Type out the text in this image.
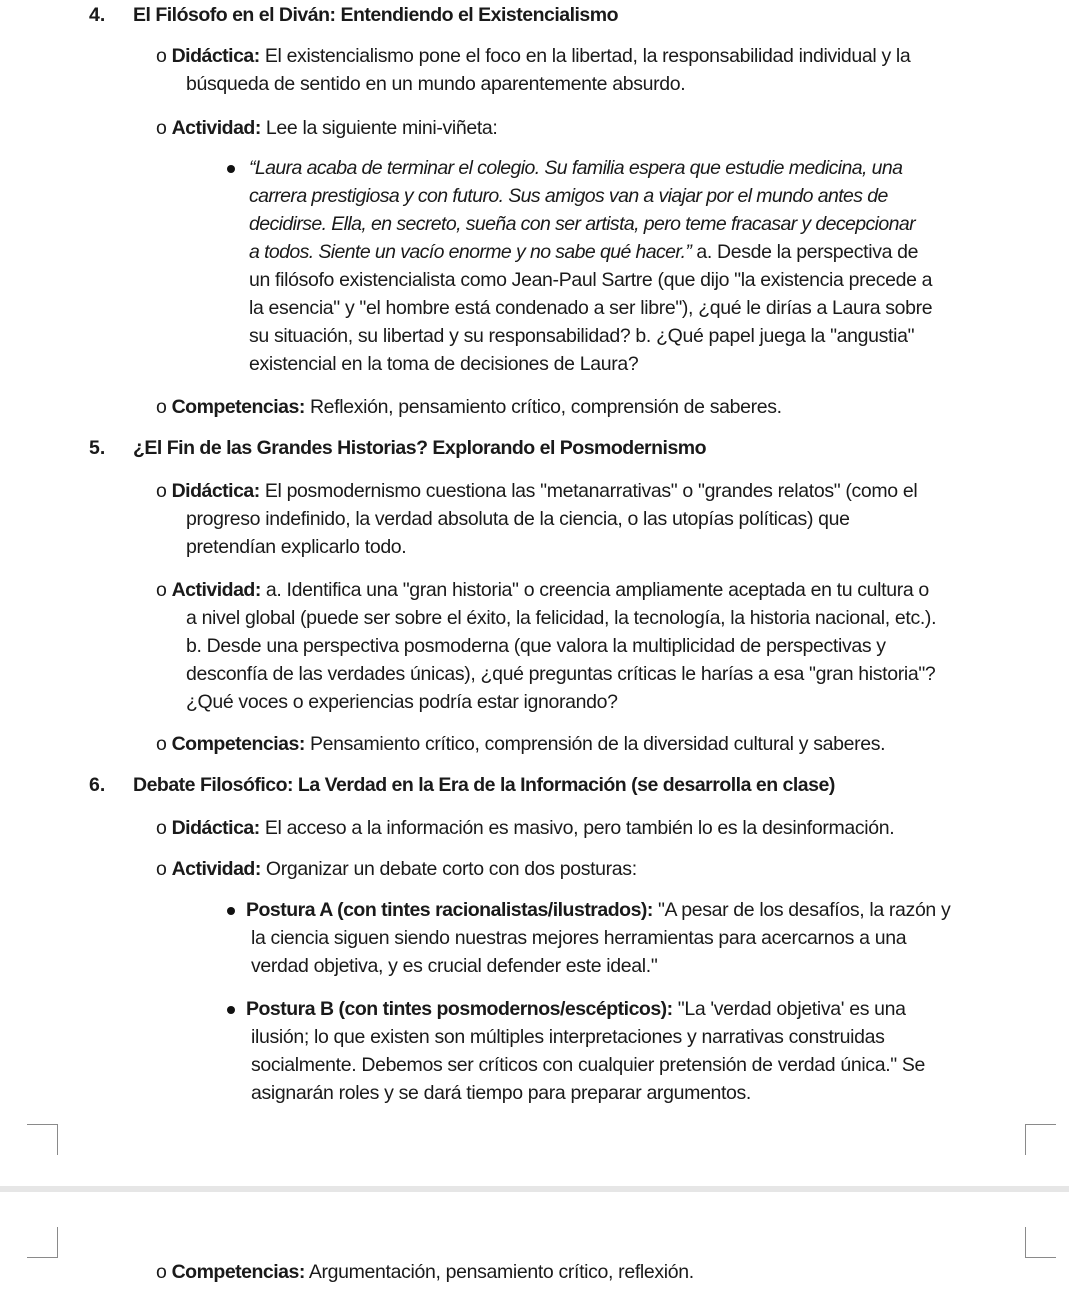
4. El Filósofo en el Diván: Entendiendo el Existencialismo
o Didáctica: El existencialismo pone el foco en la libertad, la responsabilidad individual y la
búsqueda de sentido en un mundo aparentemente absurdo.
o Actividad: Lee la siguiente mini-viñeta:
“Laura acaba de terminar el colegio. Su familia espera que estudie medicina, una
carrera prestigiosa y con futuro. Sus amigos van a viajar por el mundo antes de
decidirse. Ella, en secreto, sueña con ser artista, pero teme fracasar y decepcionar
a todos. Siente un vacío enorme y no sabe qué hacer.” a. Desde la perspectiva de
un filósofo existencialista como Jean-Paul Sartre (que dijo "la existencia precede a
la esencia" y "el hombre está condenado a ser libre"), ¿qué le dirías a Laura sobre
su situación, su libertad y su responsabilidad? b. ¿Qué papel juega la "angustia"
existencial en la toma de decisiones de Laura?
o Competencias: Reflexión, pensamiento crítico, comprensión de saberes.
5. ¿El Fin de las Grandes Historias? Explorando el Posmodernismo
o Didáctica: El posmodernismo cuestiona las "metanarrativas" o "grandes relatos" (como el
progreso indefinido, la verdad absoluta de la ciencia, o las utopías políticas) que
pretendían explicarlo todo.
o Actividad: a. Identifica una "gran historia" o creencia ampliamente aceptada en tu cultura o
a nivel global (puede ser sobre el éxito, la felicidad, la tecnología, la historia nacional, etc.).
b. Desde una perspectiva posmoderna (que valora la multiplicidad de perspectivas y
desconfía de las verdades únicas), ¿qué preguntas críticas le harías a esa "gran historia"?
¿Qué voces o experiencias podría estar ignorando?
o Competencias: Pensamiento crítico, comprensión de la diversidad cultural y saberes.
6. Debate Filosófico: La Verdad en la Era de la Información (se desarrolla en clase)
o Didáctica: El acceso a la información es masivo, pero también lo es la desinformación.
o Actividad: Organizar un debate corto con dos posturas:
Postura A (con tintes racionalistas/ilustrados): "A pesar de los desafíos, la razón y
la ciencia siguen siendo nuestras mejores herramientas para acercarnos a una
verdad objetiva, y es crucial defender este ideal."
Postura B (con tintes posmodernos/escépticos): "La 'verdad objetiva' es una
ilusión; lo que existen son múltiples interpretaciones y narrativas construidas
socialmente. Debemos ser críticos con cualquier pretensión de verdad única." Se
asignarán roles y se dará tiempo para preparar argumentos.
o Competencias: Argumentación, pensamiento crítico, reflexión.
